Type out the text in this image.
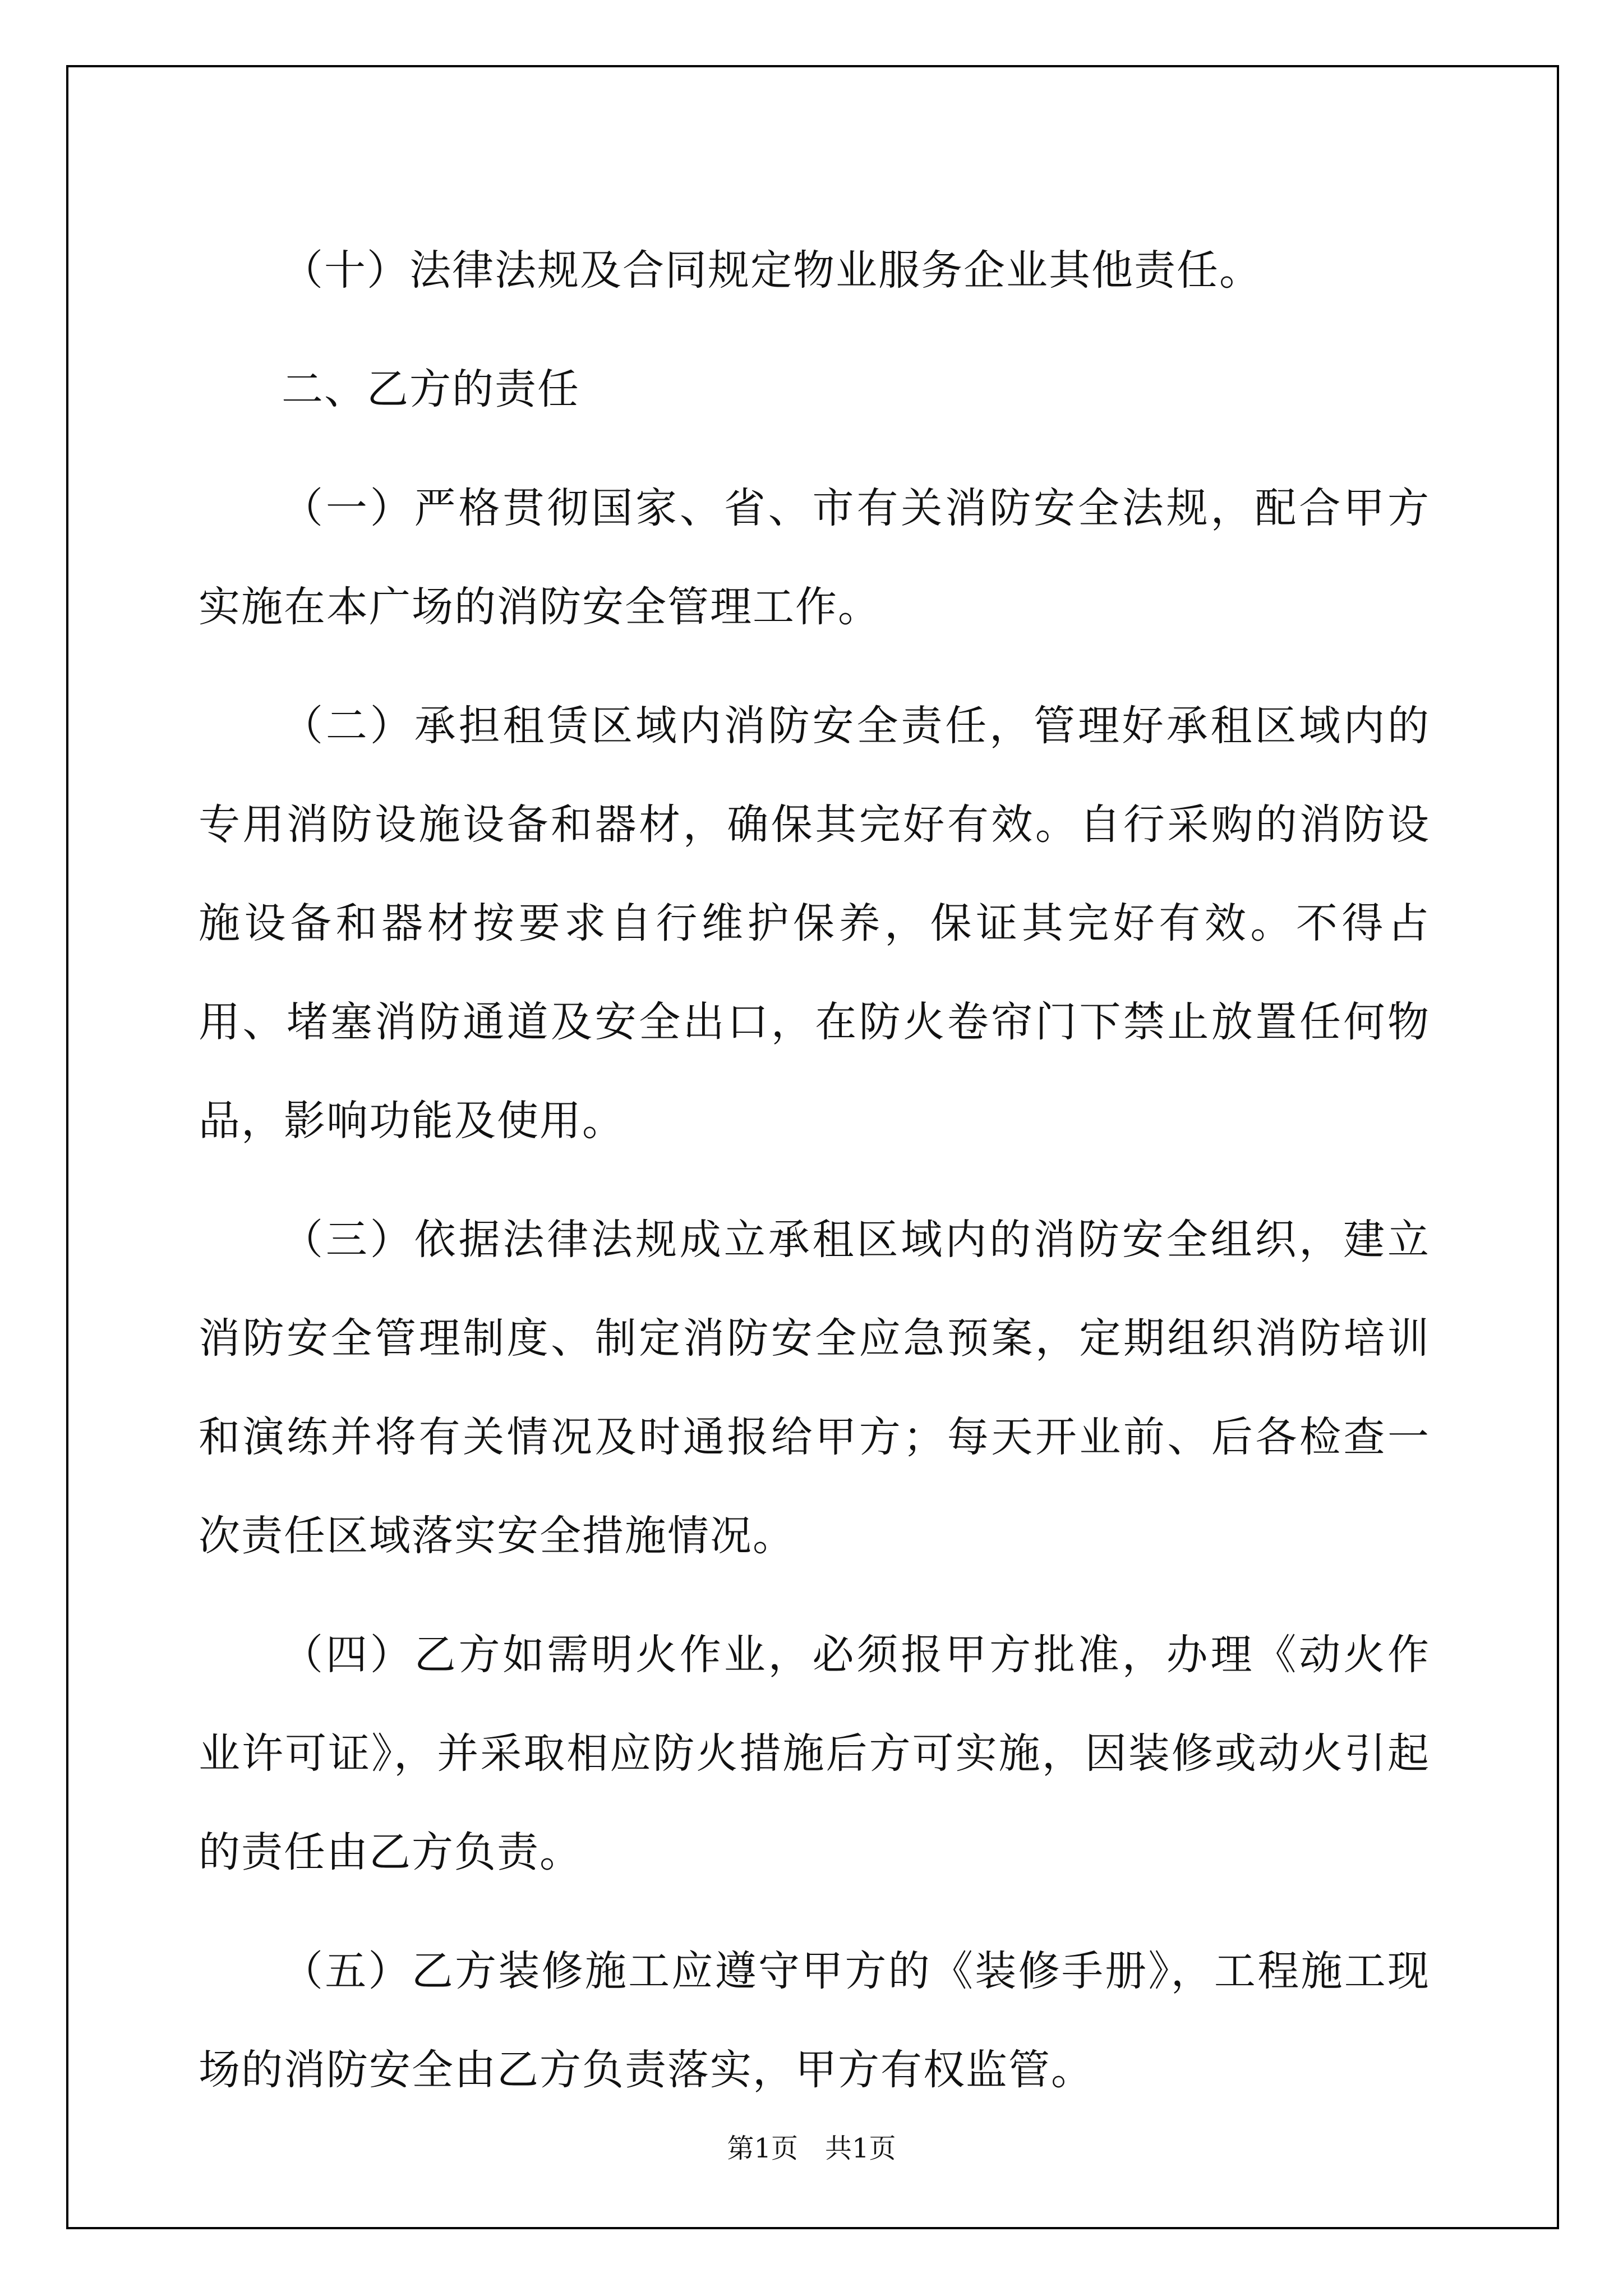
（十）法律法规及合同规定物业服务企业其他责任。

二、乙方的责任

（一）严格贯彻国家、省、市有关消防安全法规，配合甲方实施在本广场的消防安全管理工作。

（二）承担租赁区域内消防安全责任，管理好承租区域内的专用消防设施设备和器材，确保其完好有效。自行采购的消防设施设备和器材按要求自行维护保养，保证其完好有效。不得占用、堵塞消防通道及安全出口，在防火卷帘门下禁止放置任何物品，影响功能及使用。

（三）依据法律法规成立承租区域内的消防安全组织，建立消防安全管理制度、制定消防安全应急预案，定期组织消防培训和演练并将有关情况及时通报给甲方；每天开业前、后各检查一次责任区域落实安全措施情况。

（四）乙方如需明火作业，必须报甲方批准，办理《动火作业许可证》，并采取相应防火措施后方可实施，因装修或动火引起的责任由乙方负责。

（五）乙方装修施工应遵守甲方的《装修手册》，工程施工现场的消防安全由乙方负责落实，甲方有权监管。

第1页　共1页
